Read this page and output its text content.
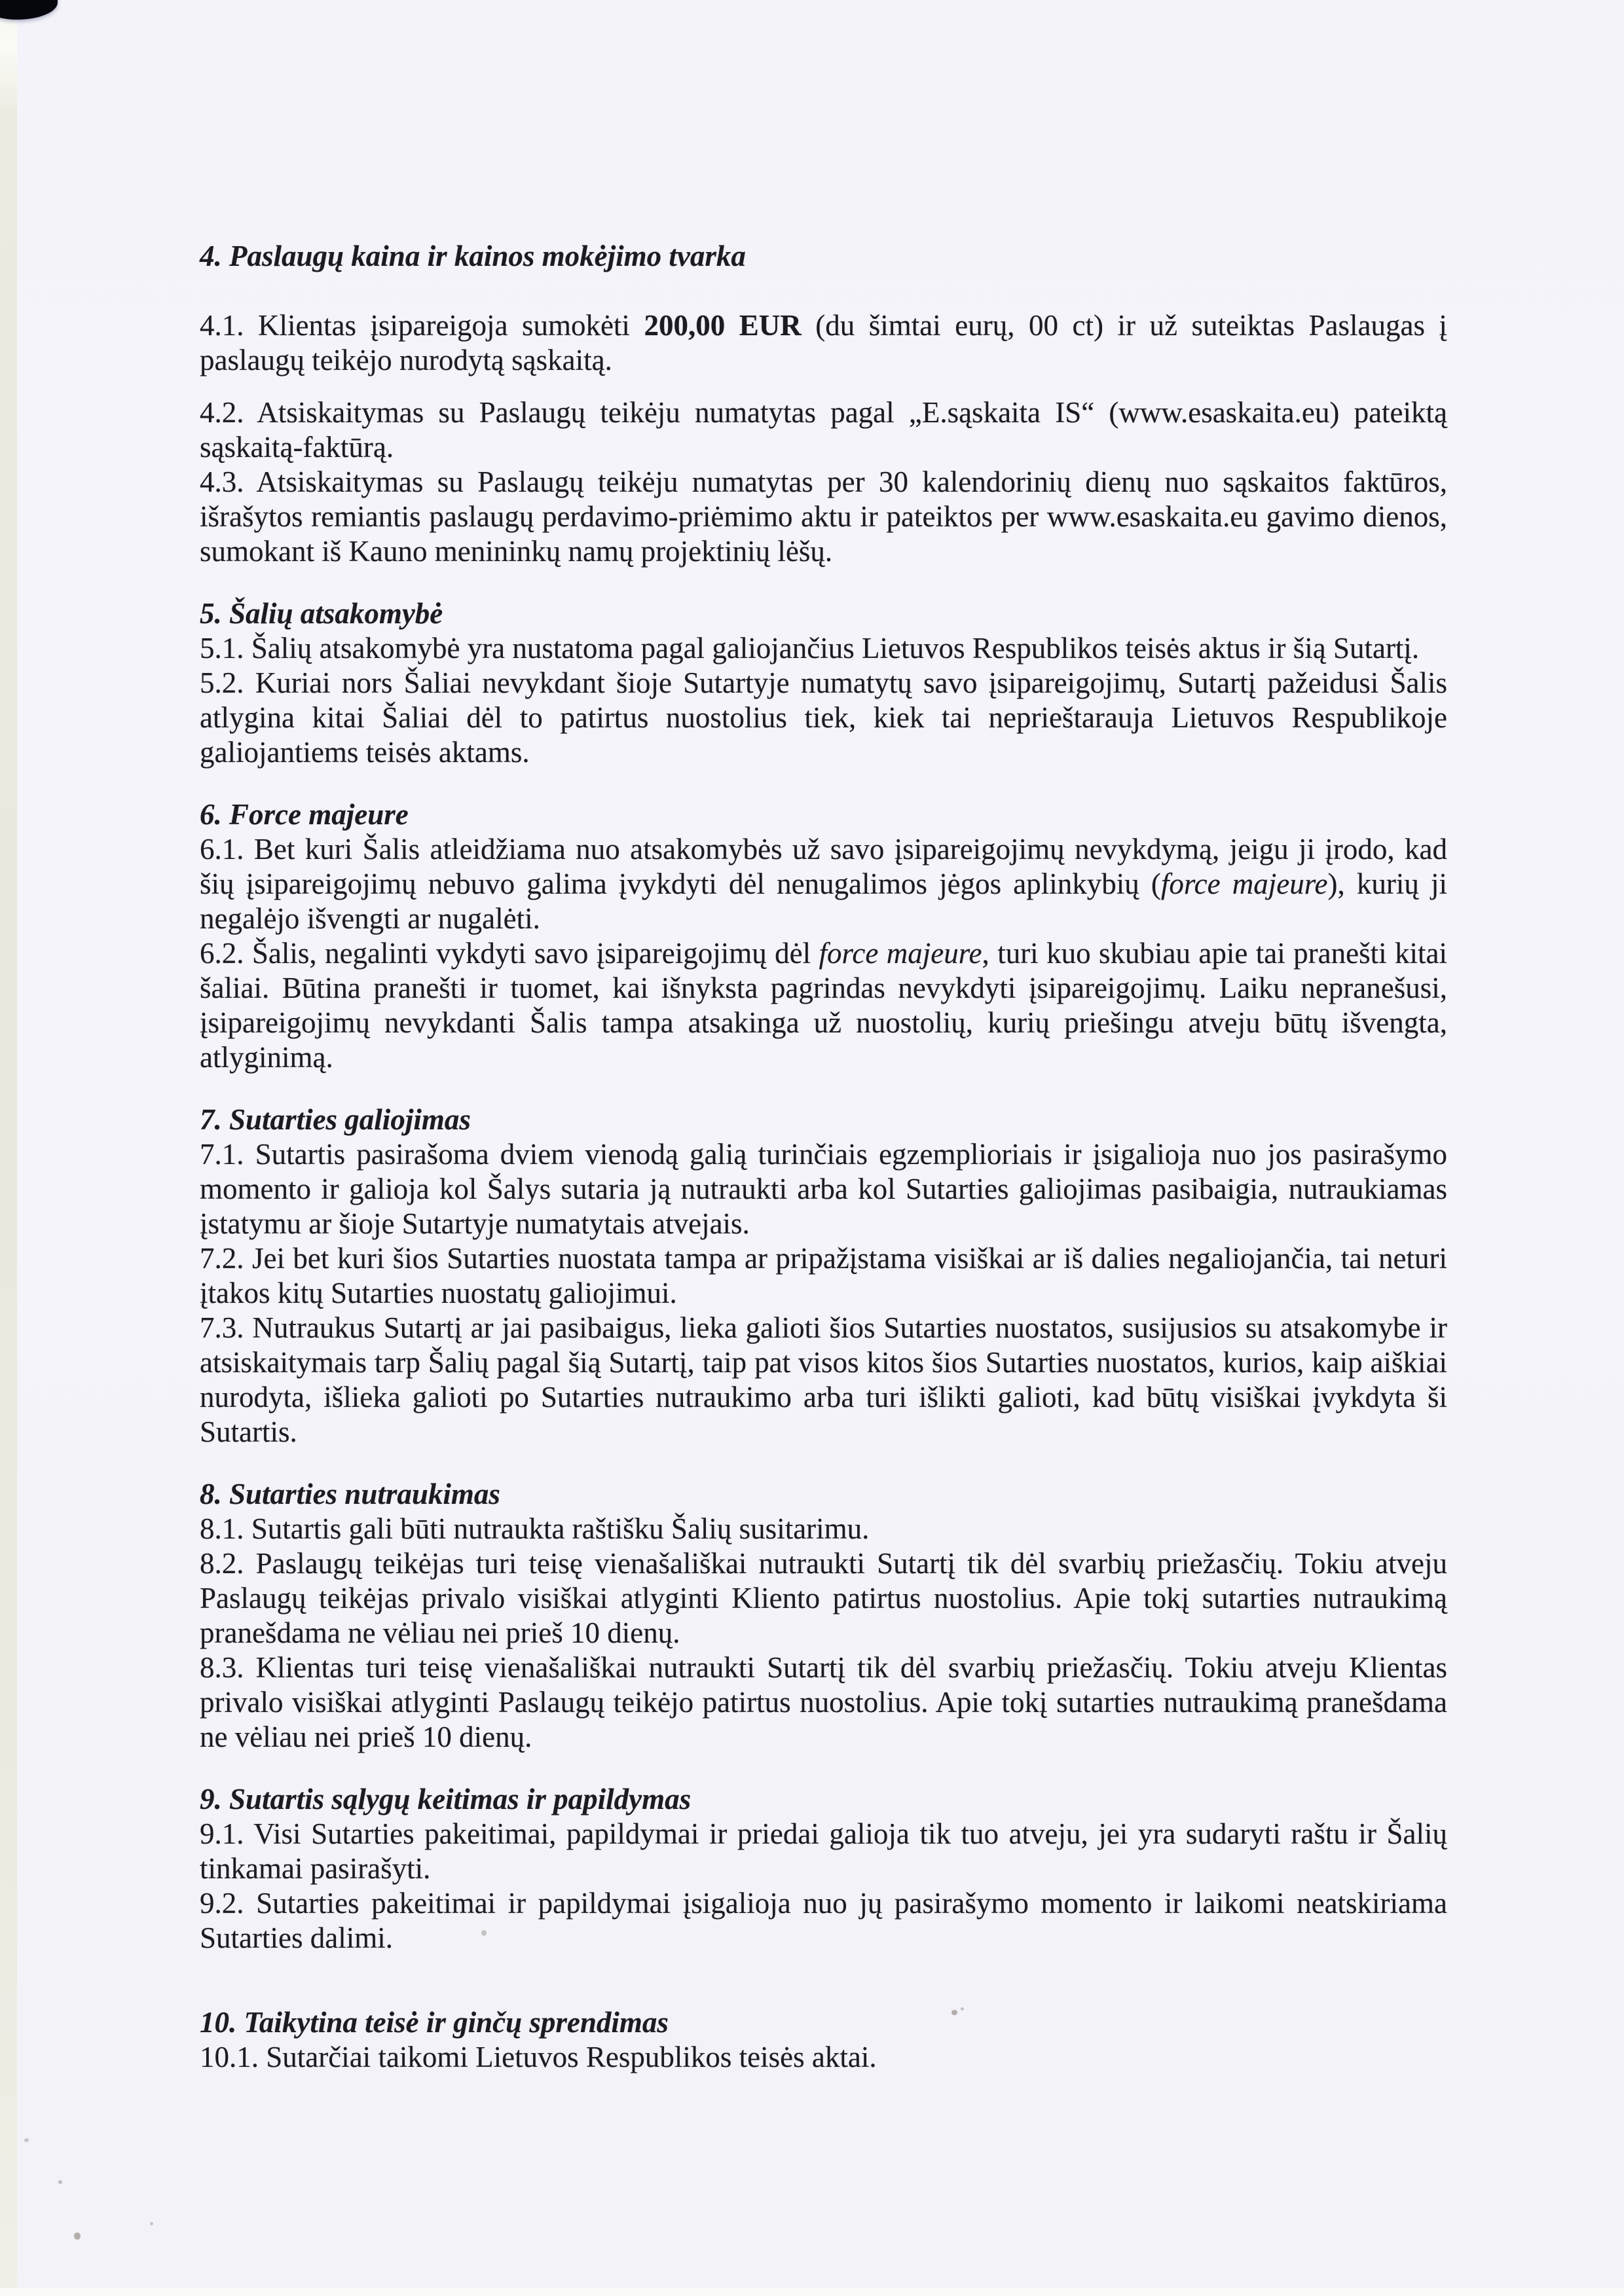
4. Paslaugų kaina ir kainos mokėjimo tvarka

4.1. Klientas įsipareigoja sumokėti 200,00 EUR (du šimtai eurų, 00 ct) ir už suteiktas Paslaugas į paslaugų teikėjo nurodytą sąskaitą.

4.2. Atsiskaitymas su Paslaugų teikėju numatytas pagal „E.sąskaita IS“ (www.esaskaita.eu) pateiktą sąskaitą-faktūrą.

4.3. Atsiskaitymas su Paslaugų teikėju numatytas per 30 kalendorinių dienų nuo sąskaitos faktūros, išrašytos remiantis paslaugų perdavimo-priėmimo aktu ir pateiktos per www.esaskaita.eu gavimo dienos, sumokant iš Kauno menininkų namų projektinių lėšų.

5. Šalių atsakomybė

5.1. Šalių atsakomybė yra nustatoma pagal galiojančius Lietuvos Respublikos teisės aktus ir šią Sutartį.

5.2. Kuriai nors Šaliai nevykdant šioje Sutartyje numatytų savo įsipareigojimų, Sutartį pažeidusi Šalis atlygina kitai Šaliai dėl to patirtus nuostolius tiek, kiek tai neprieštarauja Lietuvos Respublikoje galiojantiems teisės aktams.

6. Force majeure

6.1. Bet kuri Šalis atleidžiama nuo atsakomybės už savo įsipareigojimų nevykdymą, jeigu ji įrodo, kad šių įsipareigojimų nebuvo galima įvykdyti dėl nenugalimos jėgos aplinkybių (force majeure), kurių ji negalėjo išvengti ar nugalėti.

6.2. Šalis, negalinti vykdyti savo įsipareigojimų dėl force majeure, turi kuo skubiau apie tai pranešti kitai šaliai. Būtina pranešti ir tuomet, kai išnyksta pagrindas nevykdyti įsipareigojimų. Laiku nepranešusi, įsipareigojimų nevykdanti Šalis tampa atsakinga už nuostolių, kurių priešingu atveju būtų išvengta, atlyginimą.

7. Sutarties galiojimas

7.1. Sutartis pasirašoma dviem vienodą galią turinčiais egzemplioriais ir įsigalioja nuo jos pasirašymo momento ir galioja kol Šalys sutaria ją nutraukti arba kol Sutarties galiojimas pasibaigia, nutraukiamas įstatymu ar šioje Sutartyje numatytais atvejais.

7.2. Jei bet kuri šios Sutarties nuostata tampa ar pripažįstama visiškai ar iš dalies negaliojančia, tai neturi įtakos kitų Sutarties nuostatų galiojimui.

7.3. Nutraukus Sutartį ar jai pasibaigus, lieka galioti šios Sutarties nuostatos, susijusios su atsakomybe ir atsiskaitymais tarp Šalių pagal šią Sutartį, taip pat visos kitos šios Sutarties nuostatos, kurios, kaip aiškiai nurodyta, išlieka galioti po Sutarties nutraukimo arba turi išlikti galioti, kad būtų visiškai įvykdyta ši Sutartis.

8. Sutarties nutraukimas

8.1. Sutartis gali būti nutraukta raštišku Šalių susitarimu.

8.2. Paslaugų teikėjas turi teisę vienašališkai nutraukti Sutartį tik dėl svarbių priežasčių. Tokiu atveju Paslaugų teikėjas privalo visiškai atlyginti Kliento patirtus nuostolius. Apie tokį sutarties nutraukimą pranešdama ne vėliau nei prieš 10 dienų.

8.3. Klientas turi teisę vienašališkai nutraukti Sutartį tik dėl svarbių priežasčių. Tokiu atveju Klientas privalo visiškai atlyginti Paslaugų teikėjo patirtus nuostolius. Apie tokį sutarties nutraukimą pranešdama ne vėliau nei prieš 10 dienų.

9. Sutartis sąlygų keitimas ir papildymas

9.1. Visi Sutarties pakeitimai, papildymai ir priedai galioja tik tuo atveju, jei yra sudaryti raštu ir Šalių tinkamai pasirašyti.

9.2. Sutarties pakeitimai ir papildymai įsigalioja nuo jų pasirašymo momento ir laikomi neatskiriama Sutarties dalimi.

10. Taikytina teisė ir ginčų sprendimas

10.1. Sutarčiai taikomi Lietuvos Respublikos teisės aktai.
